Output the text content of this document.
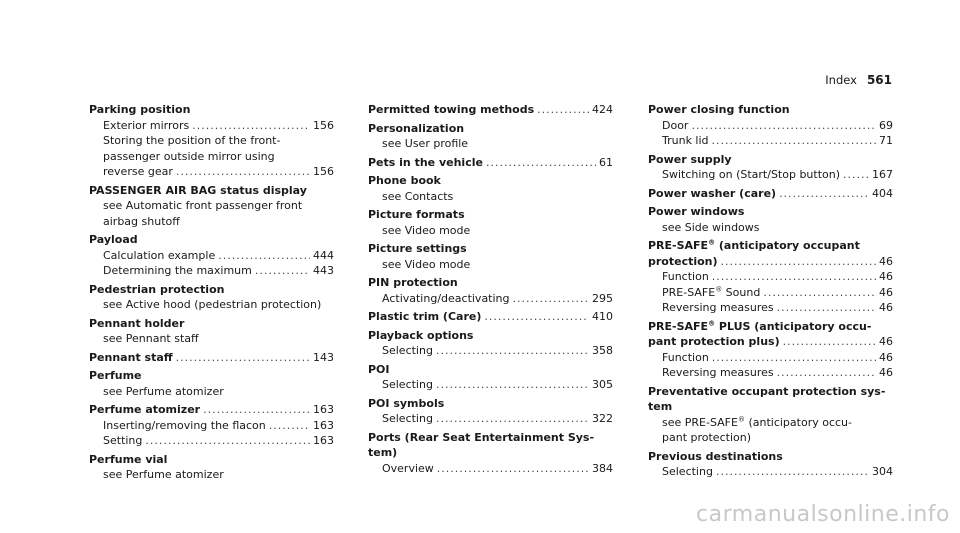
Index 561
Parking position
Exterior mirrors .....	156
Storing the position of the front-
passenger outside mirror using
reverse gear .....	156
PASSENGER AIR BAG status display
see Automatic front passenger front
airbag shutoff
Payload
Calculation example .....	444
Determining the maximum .....	443
Pedestrian protection
see Active hood (pedestrian protection)
Pennant holder
see Pennant staff
Pennant staff .....	143
Perfume
see Perfume atomizer
Perfume atomizer .....	163
Inserting/removing the flacon .....	163
Setting .....	163
Perfume vial
see Perfume atomizer
Permitted towing methods .....	424
Personalization
see User profile
Pets in the vehicle .....	61
Phone book
see Contacts
Picture formats
see Video mode
Picture settings
see Video mode
PIN protection
Activating/deactivating .....	295
Plastic trim (Care) .....	410
Playback options
Selecting .....	358
POI
Selecting .....	305
POI symbols
Selecting .....	322
Ports (Rear Seat Entertainment Sys-
tem)
Overview .....	384
Power closing function
Door .....	69
Trunk lid .....	71
Power supply
Switching on (Start/Stop button) .....	167
Power washer (care) .....	404
Power windows
see Side windows
PRE-SAFE® (anticipatory occupant
protection) .....	46
Function .....	46
PRE-SAFE® Sound .....	46
Reversing measures .....	46
PRE-SAFE® PLUS (anticipatory occu-
pant protection plus) .....	46
Function .....	46
Reversing measures .....	46
Preventative occupant protection sys-
tem
see PRE-SAFE® (anticipatory occu-
pant protection)
Previous destinations
Selecting .....	304
carmanualsonline.info
